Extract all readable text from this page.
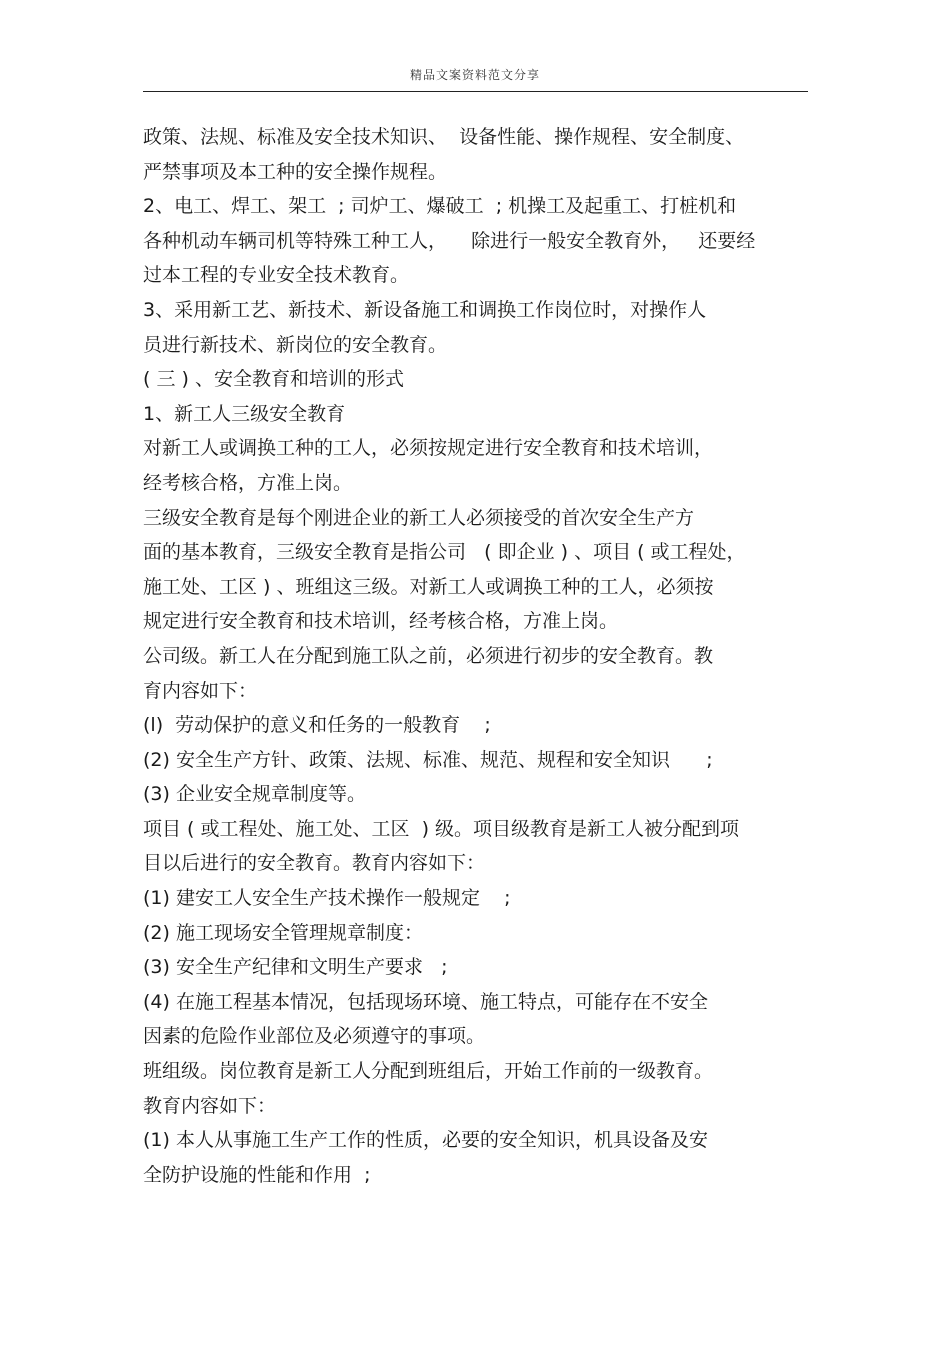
精品文案资料范文分享
政策、法规、标准及安全技术知识、  设备性能、操作规程、安全制度、
严禁事项及本工种的安全操作规程。
2、电工、焊工、架工  ; 司炉工、爆破工  ; 机操工及起重工、打桩机和
各种机动车辆司机等特殊工种工人，    除进行一般安全教育外，   还要经
过本工程的专业安全技术教育。
3、采用新工艺、新技术、新设备施工和调换工作岗位时，对操作人
员进行新技术、新岗位的安全教育。
( 三 ) 、安全教育和培训的形式
1、新工人三级安全教育
对新工人或调换工种的工人，必须按规定进行安全教育和技术培训，
经考核合格，方准上岗。
三级安全教育是每个刚进企业的新工人必须接受的首次安全生产方
面的基本教育，三级安全教育是指公司   ( 即企业 ) 、项目 ( 或工程处，
施工处、工区 ) 、班组这三级。对新工人或调换工种的工人，必须按
规定进行安全教育和技术培训，经考核合格，方准上岗。
公司级。新工人在分配到施工队之前，必须进行初步的安全教育。教
育内容如下：
(l)  劳动保护的意义和任务的一般教育    ;
(2) 安全生产方针、政策、法规、标准、规范、规程和安全知识      ;
(3) 企业安全规章制度等。
项目 ( 或工程处、施工处、工区  ) 级。项目级教育是新工人被分配到项
目以后进行的安全教育。教育内容如下：
(1) 建安工人安全生产技术操作一般规定    ;
(2) 施工现场安全管理规章制度：
(3) 安全生产纪律和文明生产要求   ;
(4) 在施工程基本情况，包括现场环境、施工特点，可能存在不安全
因素的危险作业部位及必须遵守的事项。
班组级。岗位教育是新工人分配到班组后，开始工作前的一级教育。
教育内容如下：
(1) 本人从事施工生产工作的性质，必要的安全知识，机具设备及安
全防护设施的性能和作用  ;
